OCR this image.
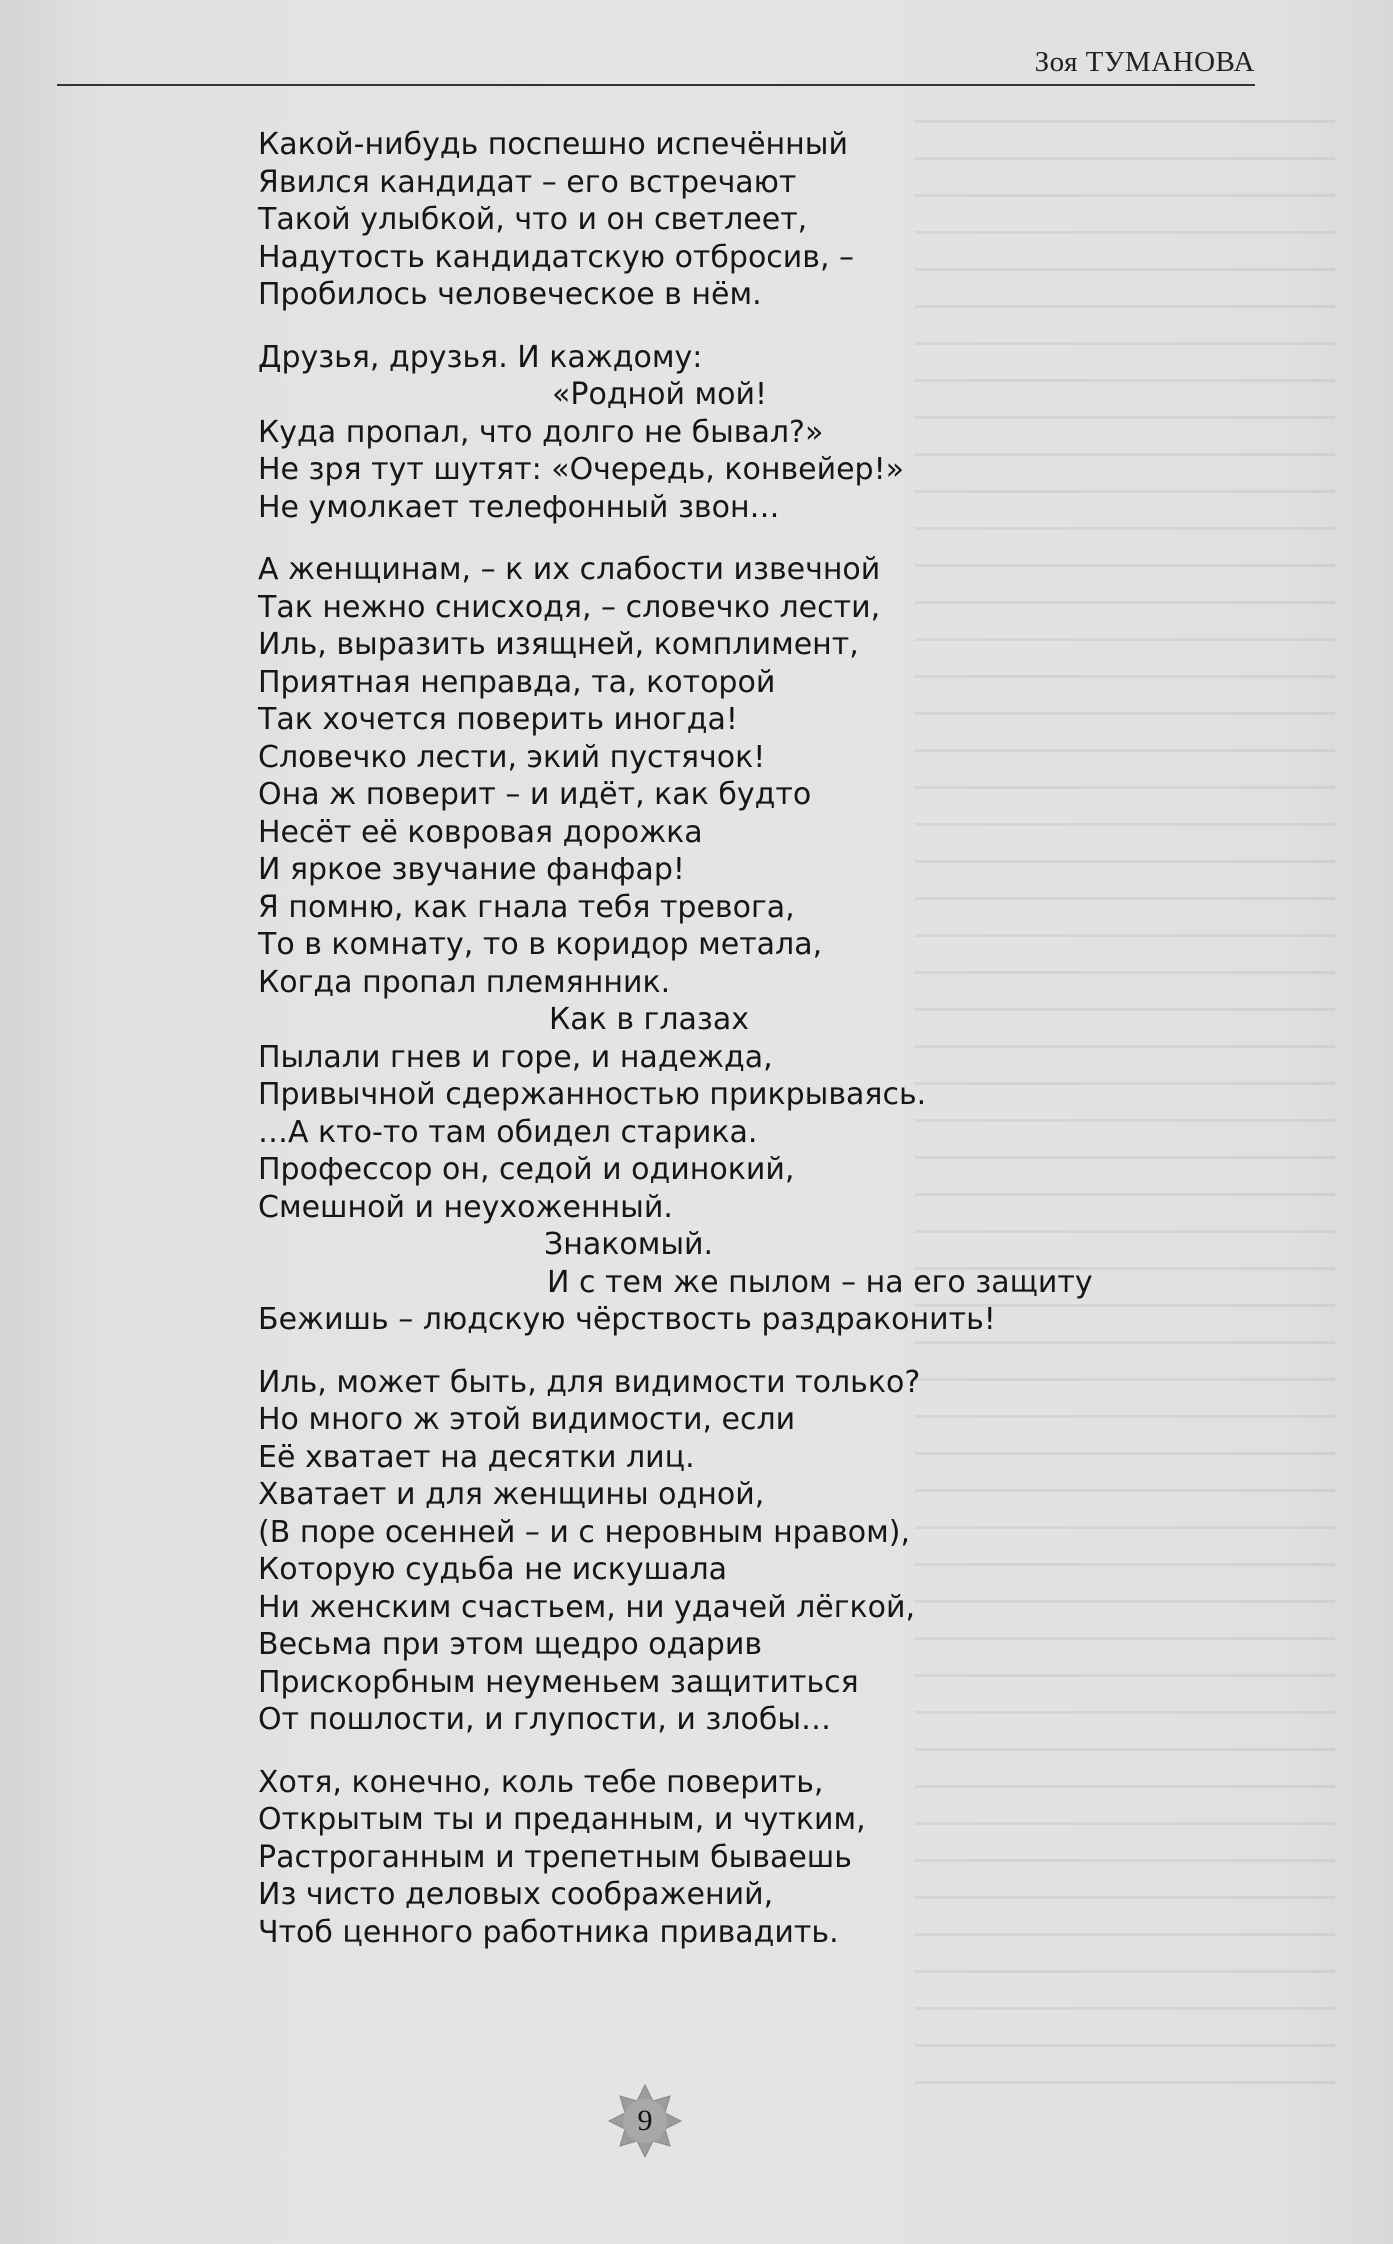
Зоя ТУМАНОВА
Какой-нибудь поспешно испечённый
Явился кандидат – его встречают
Такой улыбкой, что и он светлеет,
Надутость кандидатскую отбросив, –
Пробилось человеческое в нём.
Друзья, друзья. И каждому:
«Родной мой!
Куда пропал, что долго не бывал?»
Не зря тут шутят: «Очередь, конвейер!»
Не умолкает телефонный звон…
А женщинам, – к их слабости извечной
Так нежно снисходя, – словечко лести,
Иль, выразить изящней, комплимент,
Приятная неправда, та, которой
Так хочется поверить иногда!
Словечко лести, экий пустячок!
Она ж поверит – и идёт, как будто
Несёт её ковровая дорожка
И яркое звучание фанфар!
Я помню, как гнала тебя тревога,
То в комнату, то в коридор метала,
Когда пропал племянник.
Как в глазах
Пылали гнев и горе, и надежда,
Привычной сдержанностью прикрываясь.
…А кто-то там обидел старика.
Профессор он, седой и одинокий,
Смешной и неухоженный.
Знакомый.
И с тем же пылом – на его защиту
Бежишь – людскую чёрствость раздраконить!
Иль, может быть, для видимости только?
Но много ж этой видимости, если
Её хватает на десятки лиц.
Хватает и для женщины одной,
(В поре осенней – и с неровным нравом),
Которую судьба не искушала
Ни женским счастьем, ни удачей лёгкой,
Весьма при этом щедро одарив
Прискорбным неуменьем защититься
От пошлости, и глупости, и злобы…
Хотя, конечно, коль тебе поверить,
Открытым ты и преданным, и чутким,
Растроганным и трепетным бываешь
Из чисто деловых соображений,
Чтоб ценного работника привадить.
9
